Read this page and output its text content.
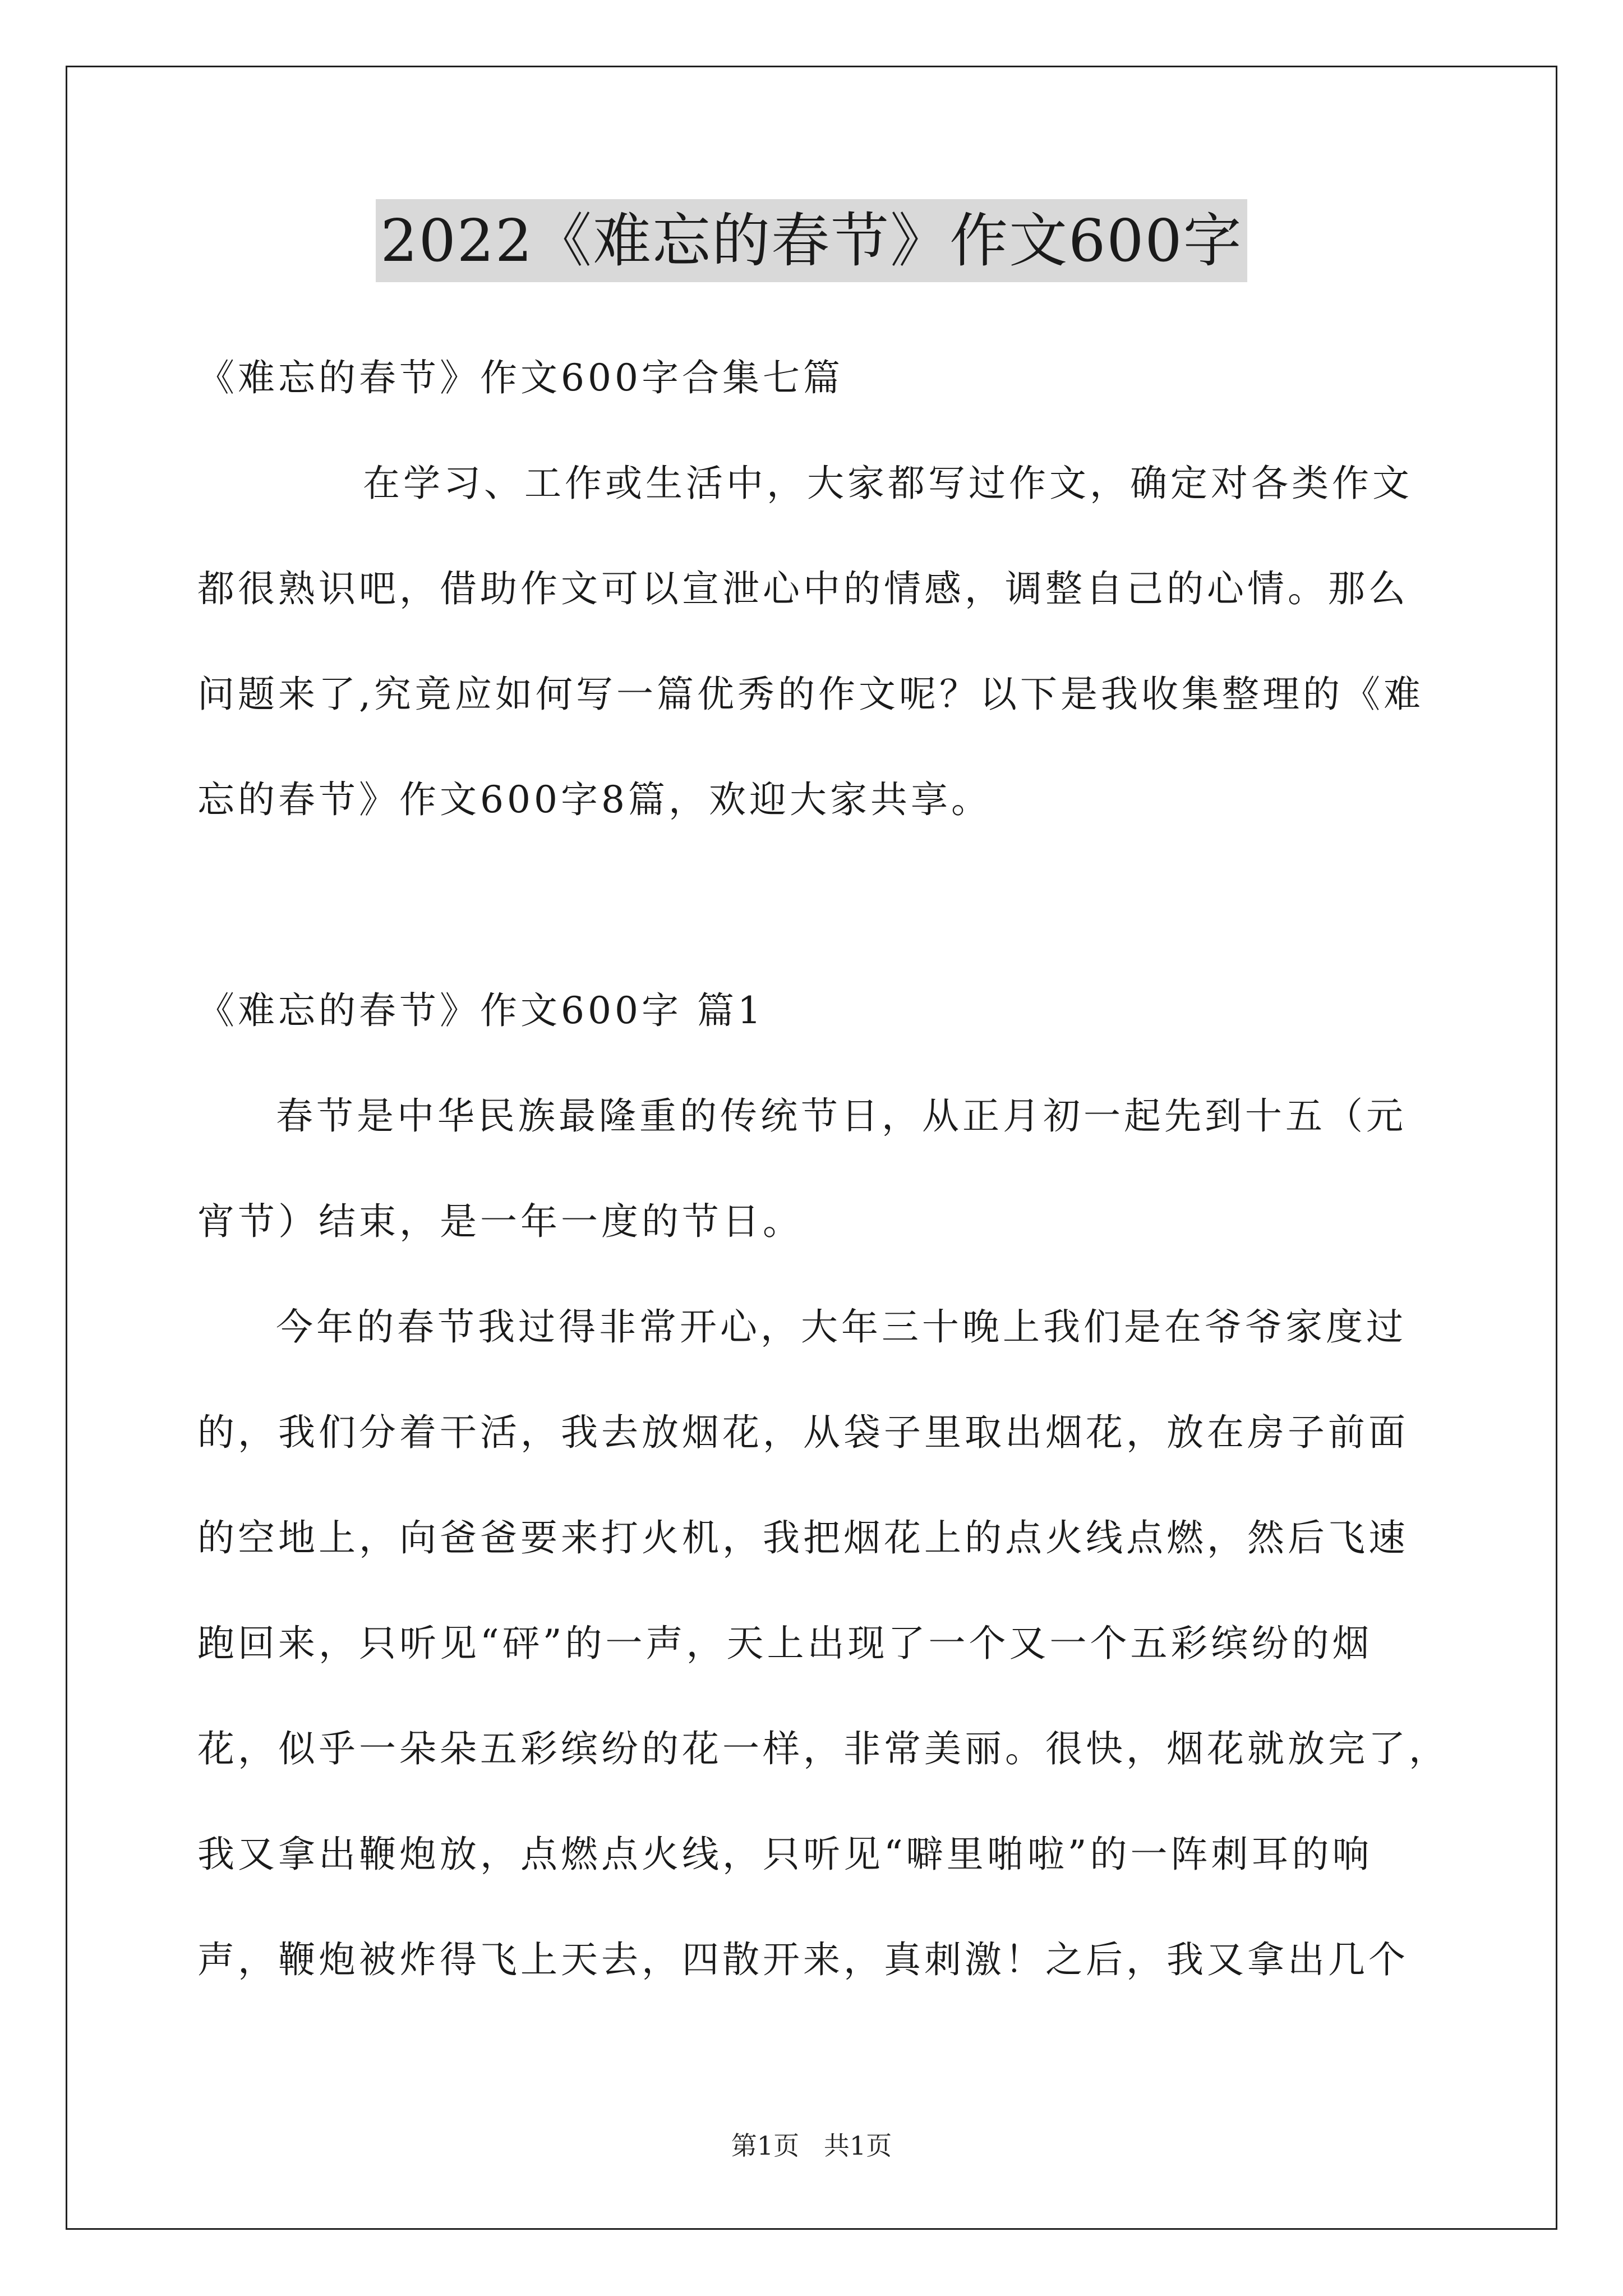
2022《难忘的春节》作文600字
《难忘的春节》作文600字合集七篇
在学习、工作或生活中，大家都写过作文，确定对各类作文
都很熟识吧，借助作文可以宣泄心中的情感，调整自己的心情。那么
问题来了,究竟应如何写一篇优秀的作文呢？以下是我收集整理的《难
忘的春节》作文600字8篇，欢迎大家共享。
《难忘的春节》作文600字 篇1
春节是中华民族最隆重的传统节日，从正月初一起先到十五（元
宵节）结束，是一年一度的节日。
今年的春节我过得非常开心，大年三十晚上我们是在爷爷家度过
的，我们分着干活，我去放烟花，从袋子里取出烟花，放在房子前面
的空地上，向爸爸要来打火机，我把烟花上的点火线点燃，然后飞速
跑回来，只听见“砰”的一声，天上出现了一个又一个五彩缤纷的烟
花，似乎一朵朵五彩缤纷的花一样，非常美丽。很快，烟花就放完了，
我又拿出鞭炮放，点燃点火线，只听见“噼里啪啦”的一阵刺耳的响
声，鞭炮被炸得飞上天去，四散开来，真刺激！之后，我又拿出几个
第1页   共1页
